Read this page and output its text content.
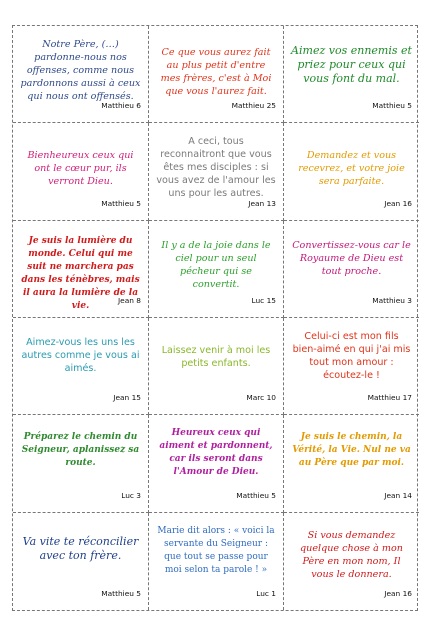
Notre Père, (…) pardonne-nous nos offenses, comme nous pardonnons aussi à ceux qui nous ont offensés.
Matthieu 6
Ce que vous aurez fait au plus petit d'entre mes frères, c'est à Moi que vous l'aurez fait.
Matthieu 25
Aimez vos ennemis et priez pour ceux qui vous font du mal.
Matthieu 5
Bienheureux ceux qui ont le cœur pur, ils verront Dieu.
Matthieu 5
A ceci, tous reconnaitront que vous êtes mes disciples : si vous avez de l'amour les uns pour les autres.
Jean 13
Demandez et vous recevrez, et votre joie sera parfaite.
Jean 16
Je suis la lumière du monde. Celui qui me suit ne marchera pas dans les ténèbres, mais il aura la lumière de la vie.
Jean 8
Il y a de la joie dans le ciel pour un seul pécheur qui se convertit.
Luc 15
Convertissez-vous car le Royaume de Dieu est tout proche.
Matthieu 3
Aimez-vous les uns les autres comme je vous ai aimés.
Jean 15
Laissez venir à moi les petits enfants.
Marc 10
Celui-ci est mon fils bien-aimé en qui j'ai mis tout mon amour : écoutez-le !
Matthieu 17
Préparez le chemin du Seigneur, aplanissez sa route.
Luc 3
Heureux ceux qui aiment et pardonnent, car ils seront dans l'Amour de Dieu.
Matthieu 5
Je suis le chemin, la Vérité, la Vie. Nul ne va au Père que par moi.
Jean 14
Va vite te réconcilier avec ton frère.
Matthieu 5
Marie dit alors : « voici la servante du Seigneur : que tout se passe pour moi selon ta parole ! »
Luc 1
Si vous demandez quelque chose à mon Père en mon nom, Il vous le donnera.
Jean 16
